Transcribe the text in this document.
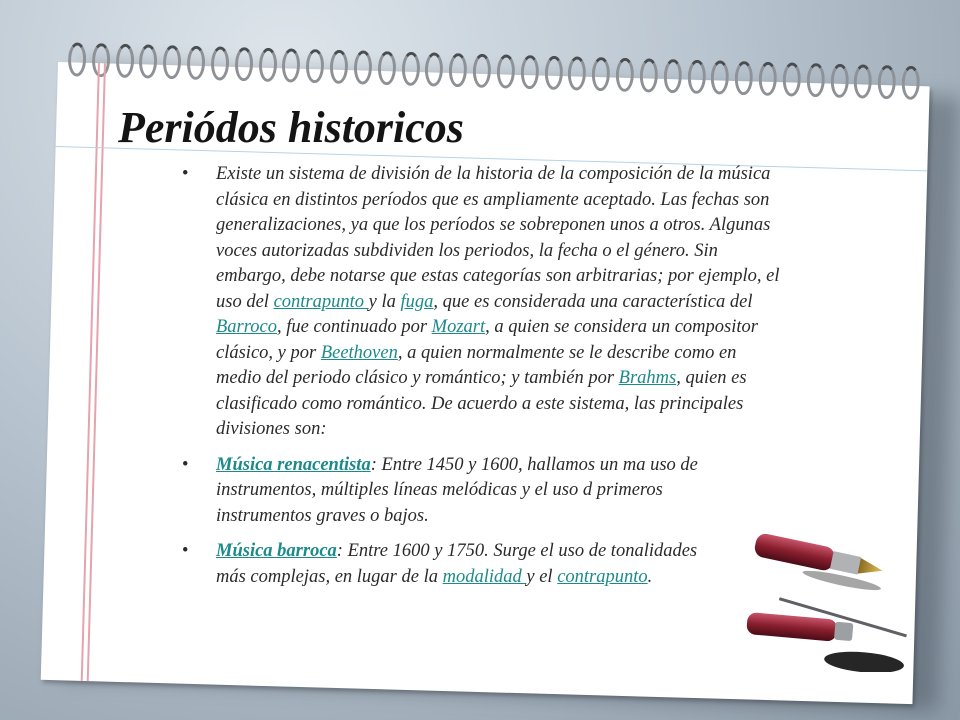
Periódos historicos
• Existe un sistema de división de la historia de la composición de la música clásica en distintos períodos que es ampliamente aceptado. Las fechas son generalizaciones, ya que los períodos se sobreponen unos a otros. Algunas voces autorizadas subdividen los periodos, la fecha o el género. Sin embargo, debe notarse que estas categorías son arbitrarias; por ejemplo, el uso del contrapunto y la fuga, que es considerada una característica del Barroco, fue continuado por Mozart, a quien se considera un compositor clásico, y por Beethoven, a quien normalmente se le describe como en medio del periodo clásico y romántico; y también por Brahms, quien es clasificado como romántico. De acuerdo a este sistema, las principales divisiones son:
• Música renacentista: Entre 1450 y 1600, hallamos un ma uso de instrumentos, múltiples líneas melódicas y el uso d primeros instrumentos graves o bajos.
• Música barroca: Entre 1600 y 1750. Surge el uso de tonalidades más complejas, en lugar de la modalidad y el contrapunto.
